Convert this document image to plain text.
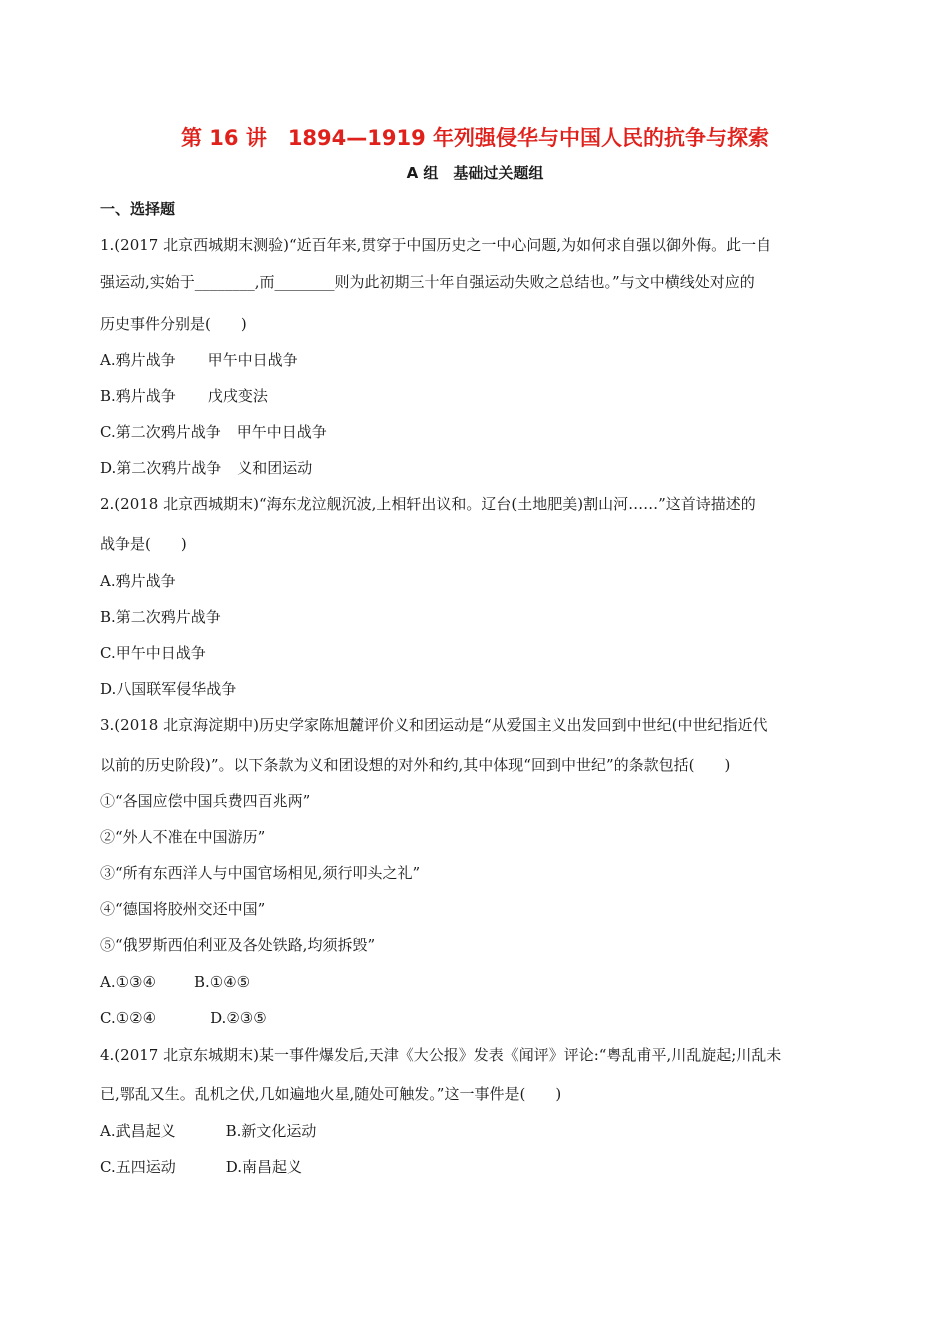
第 16 讲　1894—1919 年列强侵华与中国人民的抗争与探索
A 组　基础过关题组
一、选择题
1.(2017 北京西城期末测验)“近百年来,贯穿于中国历史之一中心问题,为如何求自强以御外侮。此一自
强运动,实始于________,而________则为此初期三十年自强运动失败之总结也。”与文中横线处对应的
历史事件分别是(　　)
A.鸦片战争 甲午中日战争
B.鸦片战争 戊戌变法
C.第二次鸦片战争 甲午中日战争
D.第二次鸦片战争 义和团运动
2.(2018 北京西城期末)“海东龙泣舰沉波,上相轩出议和。辽台(土地肥美)割山河……”这首诗描述的
战争是(　　)
A.鸦片战争
B.第二次鸦片战争
C.甲午中日战争
D.八国联军侵华战争
3.(2018 北京海淀期中)历史学家陈旭麓评价义和团运动是“从爱国主义出发回到中世纪(中世纪指近代
以前的历史阶段)”。以下条款为义和团设想的对外和约,其中体现“回到中世纪”的条款包括(　　)
①“各国应偿中国兵费四百兆两”
②“外人不准在中国游历”
③“所有东西洋人与中国官场相见,须行叩头之礼”
④“德国将胶州交还中国”
⑤“俄罗斯西伯利亚及各处铁路,均须拆毁”
A.①③④	B.①④⑤
C.①②④	D.②③⑤
4.(2017 北京东城期末)某一事件爆发后,天津《大公报》发表《闻评》评论:“粤乱甫平,川乱旋起;川乱未
已,鄂乱又生。乱机之伏,几如遍地火星,随处可触发。”这一事件是(　　)
A.武昌起义	B.新文化运动
C.五四运动	D.南昌起义
